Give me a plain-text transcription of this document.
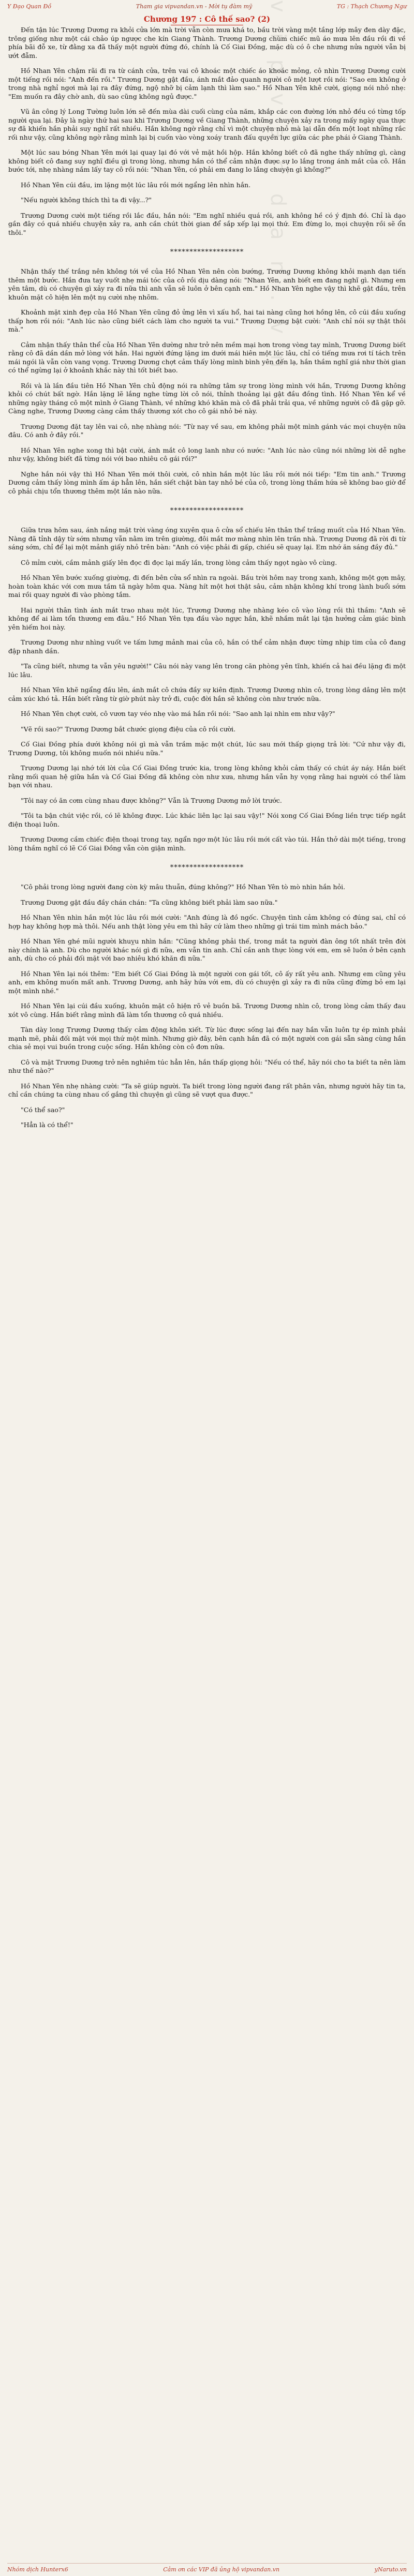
vipvandan.vn
Y Đạo Quan Đồ	Tham gia vipvandan.vn - Mời tụ đàm mỹ	TG : Thạch Chương Ngư
Chương 197 : Cô thế sao? (2)

Đến tận lúc Trương Dương ra khỏi cửa lớn mà trời vẫn còn mưa khá to, bầu trời vàng một tầng lớp mây đen dày đặc, trông giống như một cái chảo úp ngược che kín Giang Thành. Trương Dương chùm chiếc mũ áo mưa lên đầu rồi đi về phía bãi đỗ xe, từ đằng xa đã thấy một người đứng đó, chính là Cố Giai Đồng, mặc dù có ô che nhưng nửa người vẫn bị ướt đẫm.

Hồ Nhan Yên chậm rãi đi ra từ cánh cửa, trên vai cô khoác một chiếc áo khoác mỏng, cô nhìn Trương Dương cười một tiếng rồi nói: "Anh đến rồi." Trương Dương gật đầu, ánh mắt đảo quanh người cô một lượt rồi nói: "Sao em không ở trong nhà nghỉ ngơi mà lại ra đây đứng, ngộ nhỡ bị cảm lạnh thì làm sao." Hồ Nhan Yên khẽ cười, giọng nói nhỏ nhẹ: "Em muốn ra đây chờ anh, dù sao cũng không ngủ được."

Vũ ân công lý Long Tường luôn lớn sẽ đến mùa dài cuối cùng của năm, khắp các con đường lớn nhỏ đều có từng tốp người qua lại. Đây là ngày thứ hai sau khi Trương Dương về Giang Thành, những chuyện xảy ra trong mấy ngày qua thực sự đã khiến hắn phải suy nghĩ rất nhiều. Hắn không ngờ rằng chỉ vì một chuyện nhỏ mà lại dẫn đến một loạt những rắc rối như vậy, cũng không ngờ rằng mình lại bị cuốn vào vòng xoáy tranh đấu quyền lực giữa các phe phái ở Giang Thành.

Một lúc sau bóng Nhan Yên mới lại quay lại đó với vẻ mặt hồi hộp. Hắn không biết cô đã nghe thấy những gì, càng không biết cô đang suy nghĩ điều gì trong lòng, nhưng hắn có thể cảm nhận được sự lo lắng trong ánh mắt của cô. Hắn bước tới, nhẹ nhàng nắm lấy tay cô rồi nói: "Nhan Yên, có phải em đang lo lắng chuyện gì không?"

Hồ Nhan Yên cúi đầu, im lặng một lúc lâu rồi mới ngẩng lên nhìn hắn.

"Nếu người không thích thì ta đi vậy...?"

Trương Dương cười một tiếng rồi lắc đầu, hắn nói: "Em nghĩ nhiều quá rồi, anh không hề có ý định đó. Chỉ là dạo gần đây có quá nhiều chuyện xảy ra, anh cần chút thời gian để sắp xếp lại mọi thứ. Em đừng lo, mọi chuyện rồi sẽ ổn thôi."

*******************

Nhận thấy thế trắng nên không tới về của Hồ Nhan Yên nên còn bướng, Trương Dương không khỏi mạnh dạn tiến thêm một bước. Hắn đưa tay vuốt nhẹ mái tóc của cô rồi dịu dàng nói: "Nhan Yên, anh biết em đang nghĩ gì. Nhưng em yên tâm, dù có chuyện gì xảy ra đi nữa thì anh vẫn sẽ luôn ở bên cạnh em." Hồ Nhan Yên nghe vậy thì khẽ gật đầu, trên khuôn mặt cô hiện lên một nụ cười nhẹ nhõm.

Khoảnh mặt xinh đẹp của Hồ Nhan Yên cũng đỏ ửng lên vì xấu hổ, hai tai nàng cũng hơi hồng lên, cô cúi đầu xuống thấp hơn rồi nói: "Anh lúc nào cũng biết cách làm cho người ta vui." Trương Dương bật cười: "Anh chỉ nói sự thật thôi mà."

Cảm nhận thấy thân thể của Hồ Nhan Yên dường như trở nên mềm mại hơn trong vòng tay mình, Trương Dương biết rằng cô đã dần dần mở lòng với hắn. Hai người đứng lặng im dưới mái hiên một lúc lâu, chỉ có tiếng mưa rơi tí tách trên mái ngói là vẫn còn vang vọng. Trương Dương chợt cảm thấy lòng mình bình yên đến lạ, hắn thầm nghĩ giá như thời gian có thể ngừng lại ở khoảnh khắc này thì tốt biết bao.

Rồi và là lần đầu tiên Hồ Nhan Yên chủ động nói ra những tâm sự trong lòng mình với hắn, Trương Dương không khỏi có chút bất ngờ. Hắn lặng lẽ lắng nghe từng lời cô nói, thỉnh thoảng lại gật đầu đồng tình. Hồ Nhan Yên kể về những ngày tháng cô một mình ở Giang Thành, về những khó khăn mà cô đã phải trải qua, về những người cô đã gặp gỡ. Càng nghe, Trương Dương càng cảm thấy thương xót cho cô gái nhỏ bé này.

Trương Dương đặt tay lên vai cô, nhẹ nhàng nói: "Từ nay về sau, em không phải một mình gánh vác mọi chuyện nữa đâu. Có anh ở đây rồi."

Hồ Nhan Yên nghe xong thì bật cười, ánh mắt cô long lanh như có nước: "Anh lúc nào cũng nói những lời dễ nghe như vậy, không biết đã từng nói với bao nhiêu cô gái rồi?"

Nghe hắn nói vậy thì Hồ Nhan Yên mới thôi cười, cô nhìn hắn một lúc lâu rồi mới nói tiếp: "Em tin anh." Trương Dương cảm thấy lòng mình ấm áp hẳn lên, hắn siết chặt bàn tay nhỏ bé của cô, trong lòng thầm hứa sẽ không bao giờ để cô phải chịu tổn thương thêm một lần nào nữa.

*******************

Giữa trưa hôm sau, ánh nắng mặt trời vàng óng xuyên qua ô cửa sổ chiếu lên thân thể trắng muốt của Hồ Nhan Yên. Nàng đã tỉnh dậy từ sớm nhưng vẫn nằm im trên giường, đôi mắt mơ màng nhìn lên trần nhà. Trương Dương đã rời đi từ sáng sớm, chỉ để lại một mảnh giấy nhỏ trên bàn: "Anh có việc phải đi gấp, chiều sẽ quay lại. Em nhớ ăn sáng đầy đủ."

Cô mỉm cười, cầm mảnh giấy lên đọc đi đọc lại mấy lần, trong lòng cảm thấy ngọt ngào vô cùng.

Hồ Nhan Yên bước xuống giường, đi đến bên cửa sổ nhìn ra ngoài. Bầu trời hôm nay trong xanh, không một gợn mây, hoàn toàn khác với cơn mưa tầm tã ngày hôm qua. Nàng hít một hơi thật sâu, cảm nhận không khí trong lành buổi sớm mai rồi quay người đi vào phòng tắm.

Hai người thân tình ánh mắt trao nhau một lúc, Trương Dương nhẹ nhàng kéo cô vào lòng rồi thì thầm: "Anh sẽ không để ai làm tổn thương em đâu." Hồ Nhan Yên tựa đầu vào ngực hắn, khẽ nhắm mắt lại tận hưởng cảm giác bình yên hiếm hoi này.

Trương Dương như nhìng vuốt ve tấm lưng mảnh mai của cô, hắn có thể cảm nhận được từng nhịp tim của cô đang đập nhanh dần.

"Ta cũng biết, nhưng ta vẫn yêu người!" Câu nói này vang lên trong căn phòng yên tĩnh, khiến cả hai đều lặng đi một lúc lâu.

Hồ Nhan Yên khẽ ngẩng đầu lên, ánh mắt cô chứa đầy sự kiên định. Trương Dương nhìn cô, trong lòng dâng lên một cảm xúc khó tả. Hắn biết rằng từ giờ phút này trở đi, cuộc đời hắn sẽ không còn như trước nữa.

Hồ Nhan Yên chợt cười, cô vươn tay véo nhẹ vào má hắn rồi nói: "Sao anh lại nhìn em như vậy?"

"Vẽ rồi sao?" Trương Dương bắt chước giọng điệu của cô rồi cười.

Cố Giai Đồng phía dưới không nói gì mà vẫn trầm mặc một chút, lúc sau mới thấp giọng trả lời: "Cứ như vậy đi, Trương Dương, tôi không muốn nói nhiều nữa."

Trương Dương lại nhớ tới lời của Cố Giai Đồng trước kia, trong lòng không khỏi cảm thấy có chút áy náy. Hắn biết rằng mối quan hệ giữa hắn và Cố Giai Đồng đã không còn như xưa, nhưng hắn vẫn hy vọng rằng hai người có thể làm bạn với nhau.

"Tôi nay có ăn cơm cùng nhau được không?" Vẫn là Trương Dương mở lời trước.

"Tôi ta bận chút việc rồi, có lẽ không được. Lúc khác liên lạc lại sau vậy!" Nói xong Cố Giai Đồng liền trực tiếp ngắt điện thoại luôn.

Trương Dương cầm chiếc điện thoại trong tay, ngẩn ngơ một lúc lâu rồi mới cất vào túi. Hắn thở dài một tiếng, trong lòng thầm nghĩ có lẽ Cố Giai Đồng vẫn còn giận mình.

*******************

"Cô phải trong lòng người đang còn kỳ mâu thuẫn, đúng không?" Hồ Nhan Yên tò mò nhìn hắn hỏi.

Trương Dương gật đầu đầy chán chán: "Ta cũng không biết phải làm sao nữa."

Hồ Nhan Yên nhìn hắn một lúc lâu rồi mới cười: "Anh đúng là đồ ngốc. Chuyện tình cảm không có đúng sai, chỉ có hợp hay không hợp mà thôi. Nếu anh thật lòng yêu em thì hãy cứ làm theo những gì trái tim mình mách bảo."

Hồ Nhan Yên ghé mũi người khuỵu nhìn hắn: "Cũng không phải thế, trong mắt ta người đàn ông tốt nhất trên đời này chính là anh. Dù cho người khác nói gì đi nữa, em vẫn tin anh. Chỉ cần anh thực lòng với em, em sẽ luôn ở bên cạnh anh, dù cho có phải đối mặt với bao nhiêu khó khăn đi nữa."

Hồ Nhan Yên lại nói thêm: "Em biết Cố Giai Đồng là một người con gái tốt, cô ấy rất yêu anh. Nhưng em cũng yêu anh, em không muốn mất anh. Trương Dương, anh hãy hứa với em, dù có chuyện gì xảy ra đi nữa cũng đừng bỏ em lại một mình nhé."

Hồ Nhan Yên lại cúi đầu xuống, khuôn mặt cô hiện rõ vẻ buồn bã. Trương Dương nhìn cô, trong lòng cảm thấy đau xót vô cùng. Hắn biết rằng mình đã làm tổn thương cô quá nhiều.

Tàn dày long Trương Dương thấy cảm động khôn xiết. Từ lúc được sống lại đến nay hắn vẫn luôn tự ép mình phải mạnh mẽ, phải đối mặt với mọi thứ một mình. Nhưng giờ đây, bên cạnh hắn đã có một người con gái sẵn sàng cùng hắn chia sẻ mọi vui buồn trong cuộc sống. Hắn không còn cô đơn nữa.

Cô và mặt Trương Dương trở nên nghiêm túc hẳn lên, hắn thấp giọng hỏi: "Nếu có thể, hãy nói cho ta biết ta nên làm như thế nào?"

Hồ Nhan Yên nhẹ nhàng cười: "Ta sẽ giúp người. Ta biết trong lòng người đang rất phân vân, nhưng người hãy tin ta, chỉ cần chúng ta cùng nhau cố gắng thì chuyện gì cũng sẽ vượt qua được."

"Có thể sao?"

"Hẳn là có thể!"

Nhóm dịch Hunterx6	Cảm ơn các VIP đã ủng hộ vipvandan.vn	yNaruto.vn
